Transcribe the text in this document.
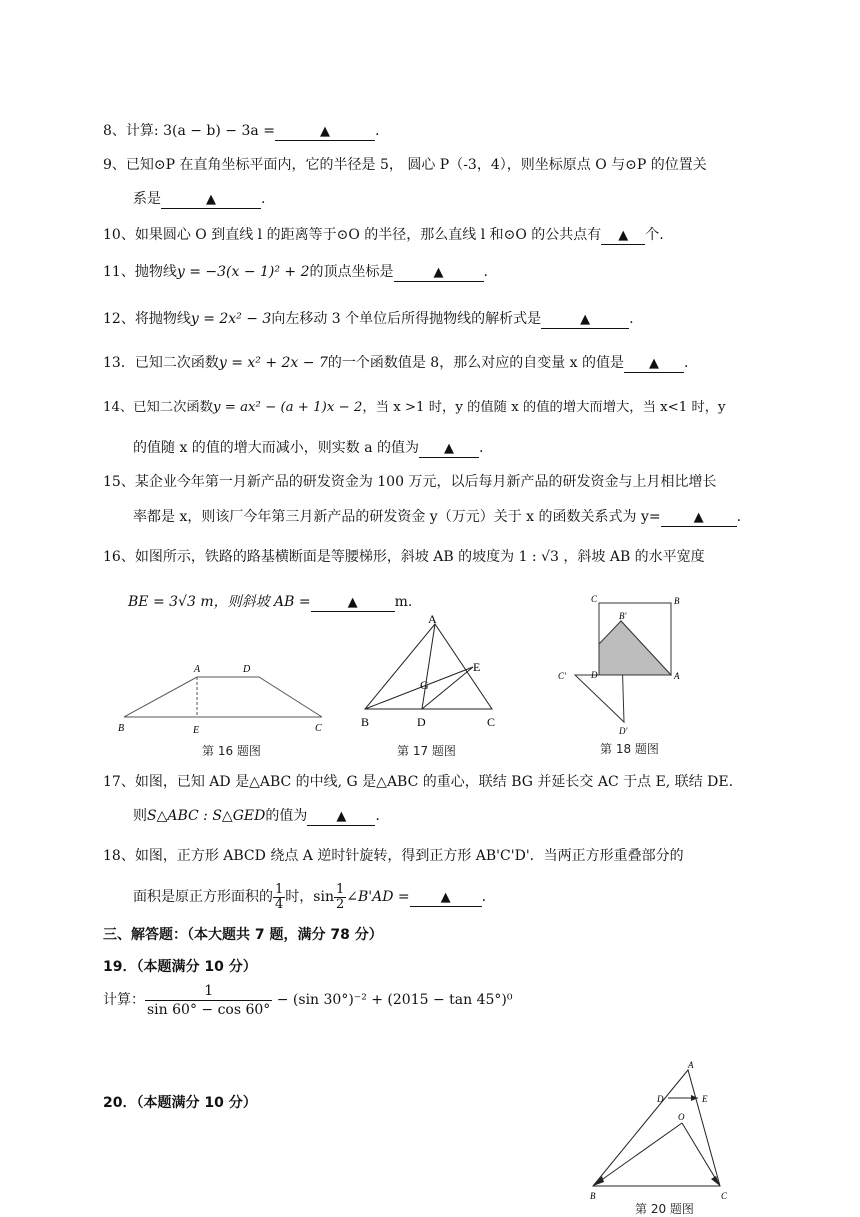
8、计算: 3(a − b) − 3a =	▲	.
9、已知⊙P 在直角坐标平面内，它的半径是 5， 圆心 P（-3，4），则坐标原点 O 与⊙P 的位置关
系是	▲	.
10、如果圆心 O 到直线 l 的距离等于⊙O 的半径，那么直线 l 和⊙O 的公共点有 ▲ 个.
11、抛物线y = −3(x − 1)² + 2的顶点坐标是	▲	.
12、将抛物线y = 2x² − 3向左移动 3 个单位后所得抛物线的解析式是	▲	.
13．已知二次函数y = x² + 2x − 7的一个函数值是 8，那么对应的自变量 x 的值是 ▲ .
14、已知二次函数y = ax² − (a + 1)x − 2，当 x >1 时，y 的值随 x 的值的增大而增大，当 x<1 时，y
的值随 x 的值的增大而减小，则实数 a 的值为 ▲ .
15、某企业今年第一月新产品的研发资金为 100 万元，以后每月新产品的研发资金与上月相比增长
率都是 x，则该厂今年第三月新产品的研发资金 y（万元）关于 x 的函数关系式为 y=	▲ .
16、如图所示，铁路的路基横断面是等腰梯形，斜坡 AB 的坡度为 1 : √3 ，斜坡 AB 的水平宽度
BE = 3√3 m，则斜坡 AB =	▲	m.
A	D
B	E	C
第 16 题图
A
E
G
B	D	C
第 17 题图
C	B
B'
C'	D	A
D'
第 18 题图
17、如图，已知 AD 是△ABC 的中线, G 是△ABC 的重心，联结 BG 并延长交 AC 于点 E, 联结 DE.
则S△ABC : S△GED的值为 ▲ .
18、如图，正方形 ABCD 绕点 A 逆时针旋转，得到正方形 AB'C'D'．当两正方形重叠部分的
面积是原正方形面积的 $\frac{1}{4}$ 时，$\sin \frac{1}{2}$ ∠B'AD = ▲ .
三、解答题：（本大题共 7 题，满分 78 分）
19．（本题满分 10 分）
计算： $\frac{1}{\sin 60^\circ - \cos 60^\circ} - (\sin$ 30°)⁻² + (2015 − tan 45°)⁰
20．（本题满分 10 分）
A
D	E
O
B	C
第 20 题图
